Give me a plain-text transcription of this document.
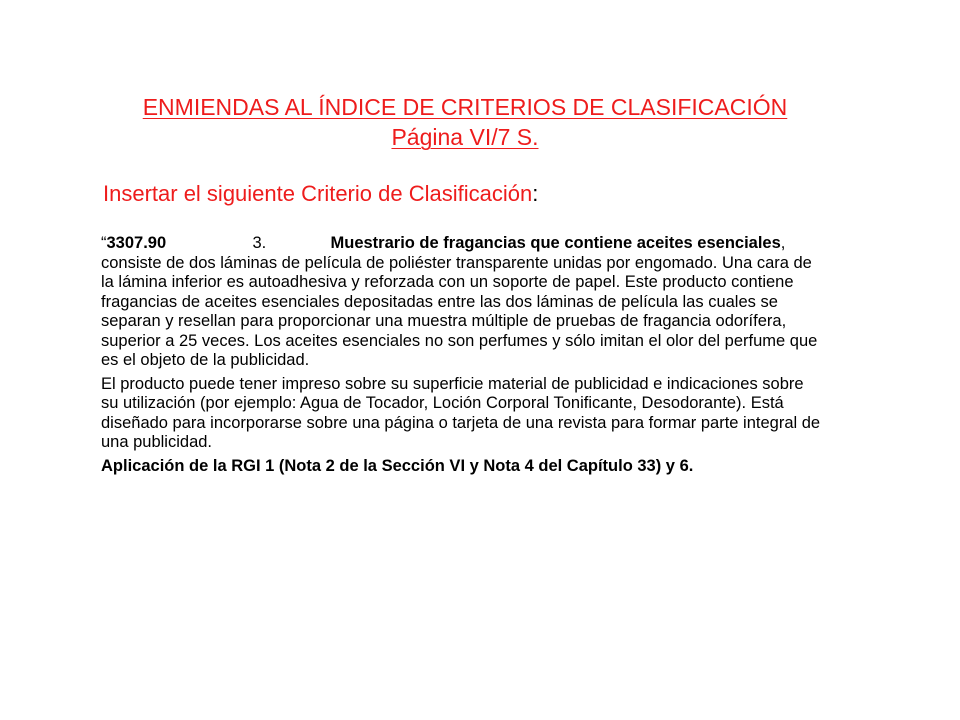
ENMIENDAS AL ÍNDICE DE CRITERIOS DE CLASIFICACIÓN
Página VI/7 S.
Insertar el siguiente Criterio de Clasificación:

“3307.90	3.	Muestrario de fragancias que contiene aceites esenciales, consiste de dos láminas de película de poliéster transparente unidas por engomado. Una cara de la lámina inferior es autoadhesiva y reforzada con un soporte de papel. Este producto contiene fragancias de aceites esenciales depositadas entre las dos láminas de película las cuales se separan y resellan para proporcionar una muestra múltiple de pruebas de fragancia odorífera, superior a 25 veces. Los aceites esenciales no son perfumes y sólo imitan el olor del perfume que es el objeto de la publicidad.

El producto puede tener impreso sobre su superficie material de publicidad e indicaciones sobre su utilización (por ejemplo: Agua de Tocador, Loción Corporal Tonificante, Desodorante). Está diseñado para incorporarse sobre una página o tarjeta de una revista para formar parte integral de una publicidad.

Aplicación de la RGI 1 (Nota 2 de la Sección VI y Nota 4 del Capítulo 33) y 6.
